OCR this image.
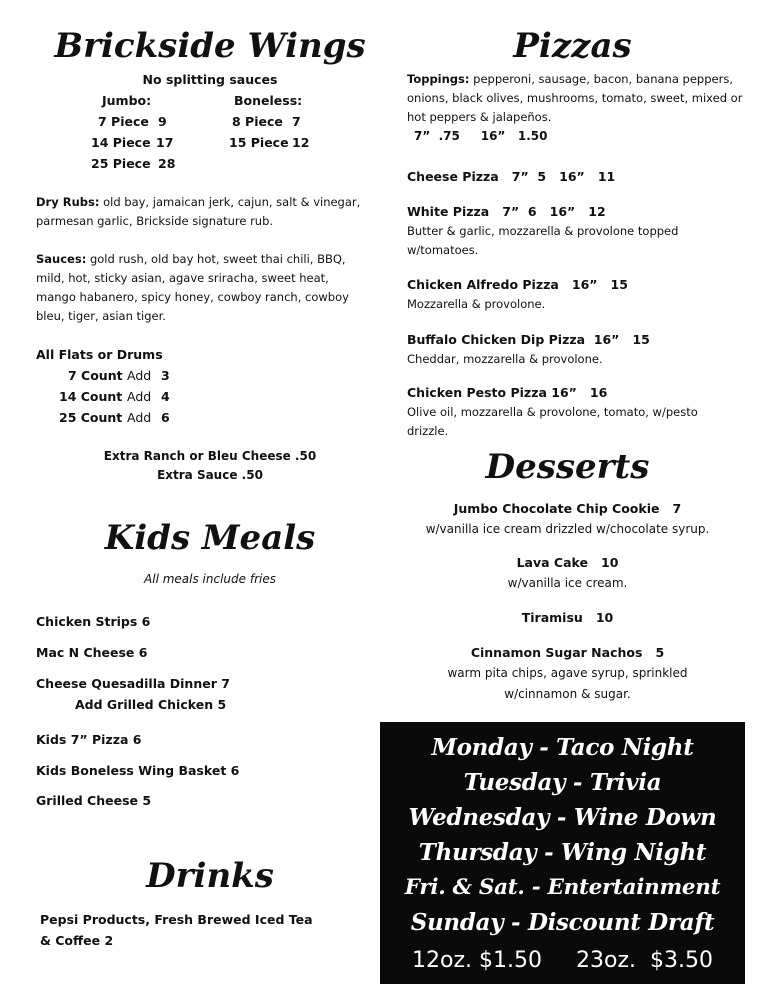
Brickside Wings
No splitting sauces
Jumbo:
7 Piece 9
14 Piece 17
25 Piece 28
Boneless:
8 Piece 7
15 Piece 12
Dry Rubs: old bay, jamaican jerk, cajun, salt & vinegar, parmesan garlic, Brickside signature rub.
Sauces: gold rush, old bay hot, sweet thai chili, BBQ, mild, hot, sticky asian, agave sriracha, sweet heat, mango habanero, spicy honey, cowboy ranch, cowboy bleu, tiger, asian tiger.
All Flats or Drums
7 Count Add 3
14 Count Add 4
25 Count Add 6
Extra Ranch or Bleu Cheese .50
Extra Sauce .50
Kids Meals
All meals include fries
Chicken Strips 6
Mac N Cheese 6
Cheese Quesadilla Dinner 7
Add Grilled Chicken 5
Kids 7” Pizza 6
Kids Boneless Wing Basket 6
Grilled Cheese 5
Drinks
Pepsi Products, Fresh Brewed Iced Tea
& Coffee 2
Pizzas
Toppings: pepperoni, sausage, bacon, banana peppers, onions, black olives, mushrooms, tomato, sweet, mixed or hot peppers & jalapeños.
7”  .75     16”   1.50
Cheese Pizza   7”  5   16”   11
White Pizza   7”  6   16”   12
Butter & garlic, mozzarella & provolone topped w/tomatoes.
Chicken Alfredo Pizza   16”   15
Mozzarella & provolone.
Buffalo Chicken Dip Pizza  16”   15
Cheddar, mozzarella & provolone.
Chicken Pesto Pizza 16”   16
Olive oil, mozzarella & provolone, tomato, w/pesto drizzle.
Desserts
Jumbo Chocolate Chip Cookie   7
w/vanilla ice cream drizzled w/chocolate syrup.
Lava Cake   10
w/vanilla ice cream.
Tiramisu   10
Cinnamon Sugar Nachos   5
warm pita chips, agave syrup, sprinkled
w/cinnamon & sugar.
Monday - Taco Night
Tuesday - Trivia
Wednesday - Wine Down
Thursday - Wing Night
Fri. & Sat. - Entertainment
Sunday - Discount Draft
12oz. $1.50 23oz.  $3.50
